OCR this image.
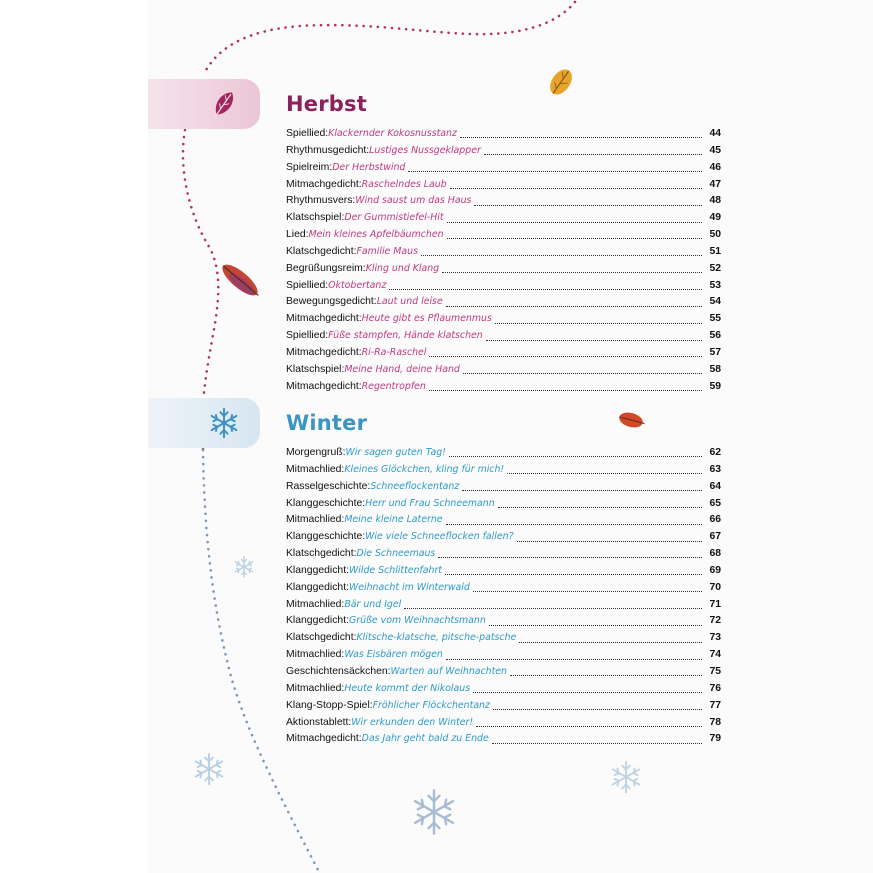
Herbst
Spiellied: Klackernder Kokosnusstanz	44
Rhythmusgedicht: Lustiges Nussgeklapper	45
Spielreim: Der Herbstwind	46
Mitmachgedicht: Raschelndes Laub	47
Rhythmusvers: Wind saust um das Haus	48
Klatschspiel: Der Gummistiefel-Hit	49
Lied: Mein kleines Apfelbäumchen	50
Klatschgedicht: Familie Maus	51
Begrüßungsreim: Kling und Klang	52
Spiellied: Oktobertanz	53
Bewegungsgedicht: Laut und leise	54
Mitmachgedicht: Heute gibt es Pflaumenmus	55
Spiellied: Füße stampfen, Hände klatschen	56
Mitmachgedicht: Ri-Ra-Raschel	57
Klatschspiel: Meine Hand, deine Hand	58
Mitmachgedicht: Regentropfen	59
Winter
Morgengruß: Wir sagen guten Tag!	62
Mitmachlied: Kleines Glöckchen, kling für mich!	63
Rasselgeschichte: Schneeflockentanz	64
Klanggeschichte: Herr und Frau Schneemann	65
Mitmachlied: Meine kleine Laterne	66
Klanggeschichte: Wie viele Schneeflocken fallen?	67
Klatschgedicht: Die Schneemaus	68
Klanggedicht: Wilde Schlittenfahrt	69
Klanggedicht: Weihnacht im Winterwald	70
Mitmachlied: Bär und Igel	71
Klanggedicht: Grüße vom Weihnachtsmann	72
Klatschgedicht: Klitsche-klatsche, pitsche-patsche	73
Mitmachlied: Was Eisbären mögen	74
Geschichtensäckchen: Warten auf Weihnachten	75
Mitmachlied: Heute kommt der Nikolaus	76
Klang-Stopp-Spiel: Fröhlicher Flöckchentanz	77
Aktionstablett: Wir erkunden den Winter!	78
Mitmachgedicht: Das Jahr geht bald zu Ende	79
